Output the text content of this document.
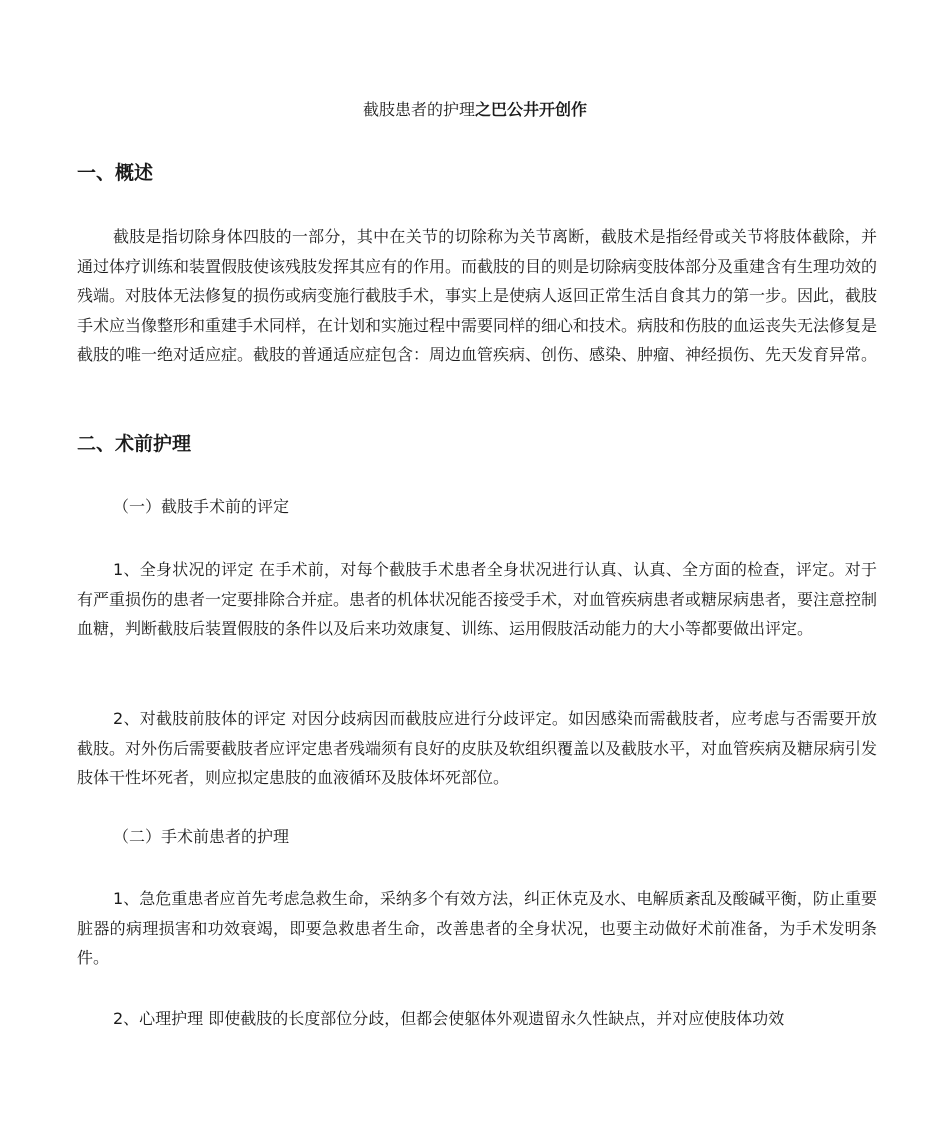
截肢患者的护理之巴公井开创作
一、概述
截肢是指切除身体四肢的一部分，其中在关节的切除称为关节离断，截肢术是指经骨或关节将肢体截除，并通过体疗训练和装置假肢使该残肢发挥其应有的作用。而截肢的目的则是切除病变肢体部分及重建含有生理功效的残端。对肢体无法修复的损伤或病变施行截肢手术，事实上是使病人返回正常生活自食其力的第一步。因此，截肢手术应当像整形和重建手术同样，在计划和实施过程中需要同样的细心和技术。病肢和伤肢的血运丧失无法修复是截肢的唯一绝对适应症。截肢的普通适应症包含：周边血管疾病、创伤、感染、肿瘤、神经损伤、先天发育异常。
二、术前护理
（一）截肢手术前的评定
1、全身状况的评定 在手术前，对每个截肢手术患者全身状况进行认真、认真、全方面的检查，评定。对于有严重损伤的患者一定要排除合并症。患者的机体状况能否接受手术，对血管疾病患者或糖尿病患者，要注意控制血糖，判断截肢后装置假肢的条件以及后来功效康复、训练、运用假肢活动能力的大小等都要做出评定。
2、对截肢前肢体的评定 对因分歧病因而截肢应进行分歧评定。如因感染而需截肢者，应考虑与否需要开放截肢。对外伤后需要截肢者应评定患者残端须有良好的皮肤及软组织覆盖以及截肢水平，对血管疾病及糖尿病引发肢体干性坏死者，则应拟定患肢的血液循环及肢体坏死部位。
（二）手术前患者的护理
1、急危重患者应首先考虑急救生命，采纳多个有效方法，纠正休克及水、电解质紊乱及酸碱平衡，防止重要脏器的病理损害和功效衰竭，即要急救患者生命，改善患者的全身状况，也要主动做好术前准备，为手术发明条件。
2、心理护理 即使截肢的长度部位分歧，但都会使躯体外观遗留永久性缺点，并对应使肢体功效
